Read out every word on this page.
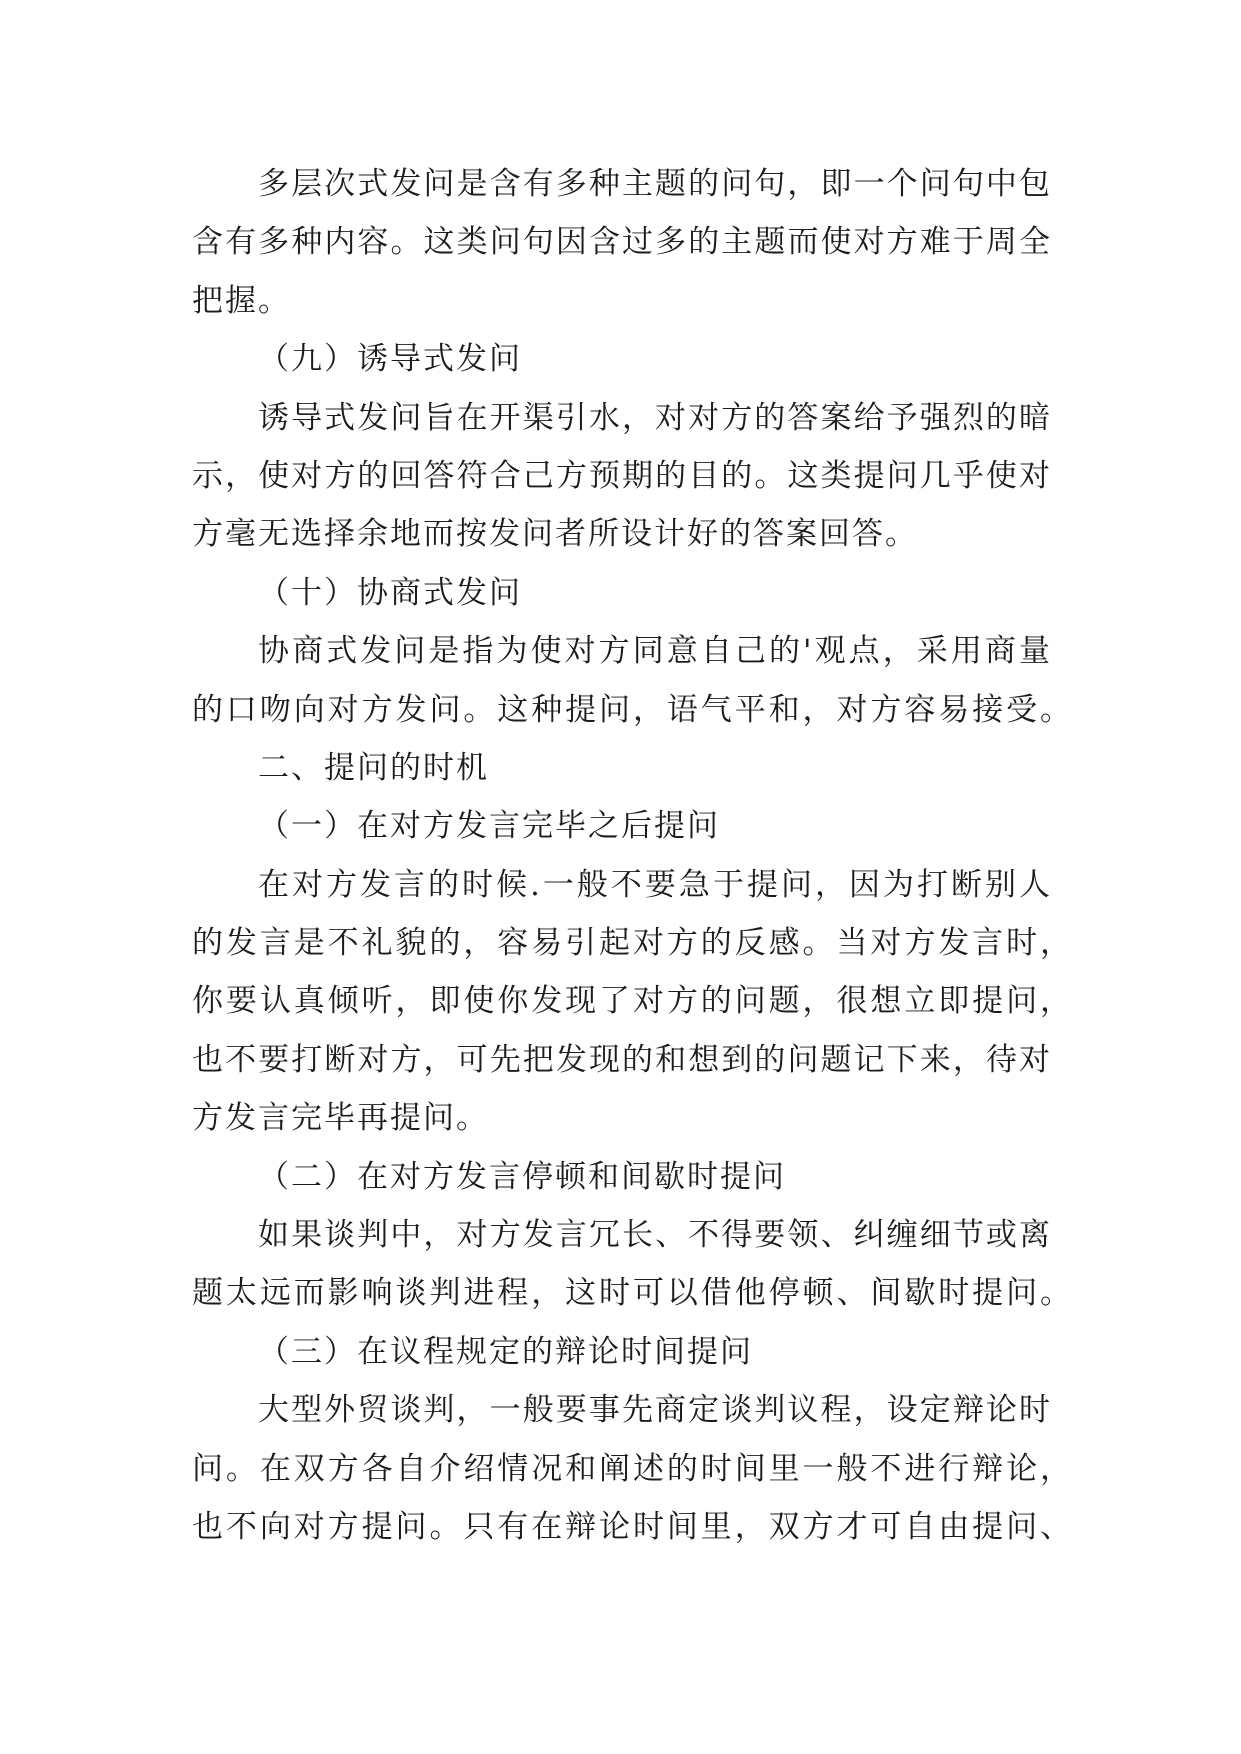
多层次式发问是含有多种主题的问句，即一个问句中包
含有多种内容。这类问句因含过多的主题而使对方难于周全
把握。
（九）诱导式发问
诱导式发问旨在开渠引水，对对方的答案给予强烈的暗
示，使对方的回答符合己方预期的目的。这类提问几乎使对
方毫无选择余地而按发问者所设计好的答案回答。
（十）协商式发问
协商式发问是指为使对方同意自己的'观点，采用商量
的口吻向对方发问。这种提问，语气平和，对方容易接受。
二、提问的时机
（一）在对方发言完毕之后提问
在对方发言的时候.一般不要急于提问，因为打断别人
的发言是不礼貌的，容易引起对方的反感。当对方发言时，
你要认真倾听，即使你发现了对方的问题，很想立即提问，
也不要打断对方，可先把发现的和想到的问题记下来，待对
方发言完毕再提问。
（二）在对方发言停顿和间歇时提问
如果谈判中，对方发言冗长、不得要领、纠缠细节或离
题太远而影响谈判进程，这时可以借他停顿、间歇时提问。
（三）在议程规定的辩论时间提问
大型外贸谈判，一般要事先商定谈判议程，设定辩论时
问。在双方各自介绍情况和阐述的时间里一般不进行辩论，
也不向对方提问。只有在辩论时间里，双方才可自由提问、
